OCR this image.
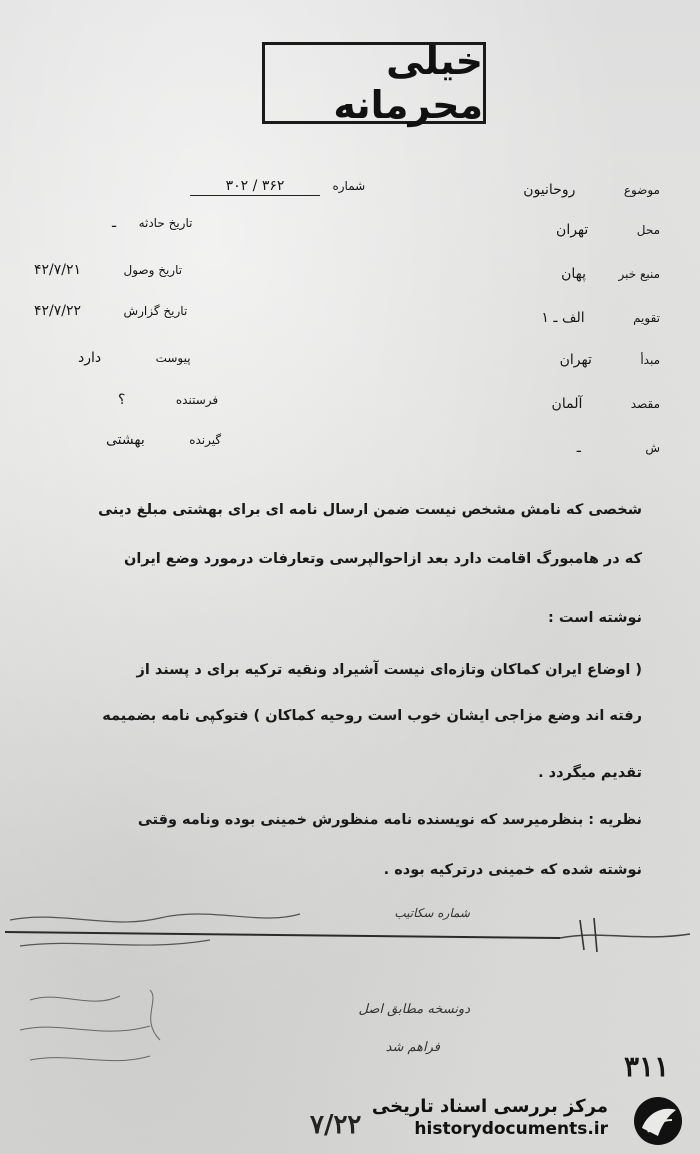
خیلی محرمانه
شماره ۳۶۲ / ۳۰۲
تاریخ حادثه ـ
تاریخ وصول ۴۲/۷/۲۱
تاریخ گزارش ۴۲/۷/۲۲
پیوست دارد
فرستنده ؟
گیرنده بهشتی
موضوع روحانیون
محل تهران
منبع خبر پهان
تقویم الف ـ ۱
مبدأ تهران
مقصد آلمان
ش ـ
شخصی که نامش مشخص نیست ضمن ارسال نامه ای برای بهشتی مبلغ دینی
که در هامبورگ اقامت دارد بعد ازاحوالپرسی وتعارفات درمورد وضع ایران
نوشته است :
( اوضاع ایران کماکان وتازه‌ای نیست آشیراد ونقیه ترکیه برای د پسند از
رفته اند وضع مزاجی ایشان خوب است روحیه کماکان ) فتوکپی نامه بضمیمه
تقدیم میگردد .
نظریه : بنظرمیرسد که نویسنده نامه منظورش خمینی بوده ونامه وقتی
نوشته شده که خمینی درترکیه بوده .
شماره سکاتیب
دونسخه مطابق اصل
فراهم شد
۳۱۱
۷/۲۲
مرکز بررسی اسناد تاریخی
historydocuments.ir
